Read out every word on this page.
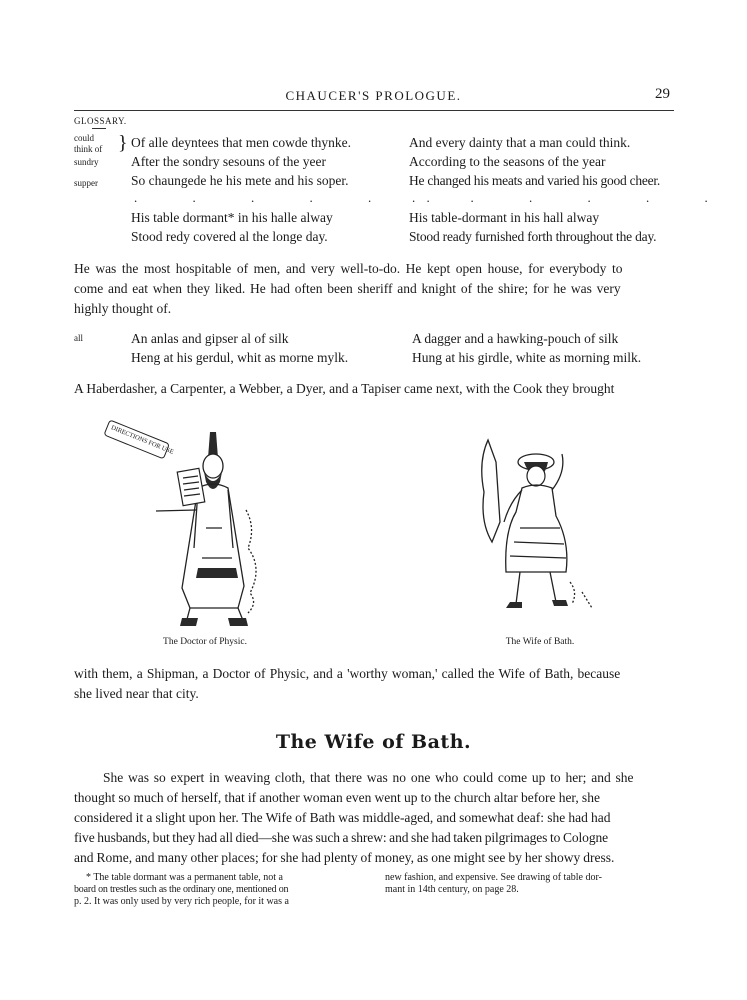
CHAUCER'S PROLOGUE.	29
GLOSSARY.
could
think of
sundry
supper
all
} Of alle deyntees that men cowde thynke.
After the sondry sesouns of the yeer
So chaungede he his mete and his soper.
And every dainty that a man could think.
According to the seasons of the year
He changed his meats and varied his good cheer.
. . . . . .
. . . . . .
His table dormant* in his halle alway
Stood redy covered al the longe day.
His table-dormant in his hall alway
Stood ready furnished forth throughout the day.
He was the most hospitable of men, and very well-to-do. He kept open house, for everybody to
come and eat when they liked. He had often been sheriff and knight of the shire; for he was very
highly thought of.
An anlas and gipser al of silk
Heng at his gerdul, whit as morne mylk.
A dagger and a hawking-pouch of silk
Hung at his girdle, white as morning milk.
A Haberdasher, a Carpenter, a Webber, a Dyer, and a Tapiser came next, with the Cook they brought
DIRECTIONS FOR USE
The Doctor of Physic.	The Wife of Bath.
with them, a Shipman, a Doctor of Physic, and a 'worthy woman,' called the Wife of Bath, because
she lived near that city.
The Wife of Bath.
She was so expert in weaving cloth, that there was no one who could come up to her; and she
thought so much of herself, that if another woman even went up to the church altar before her, she
considered it a slight upon her. The Wife of Bath was middle-aged, and somewhat deaf: she had had
five husbands, but they had all died—she was such a shrew: and she had taken pilgrimages to Cologne
and Rome, and many other places; for she had plenty of money, as one might see by her showy dress.
* The table dormant was a permanent table, not a
board on trestles such as the ordinary one, mentioned on
p. 2. It was only used by very rich people, for it was a
new fashion, and expensive. See drawing of table dor-
mant in 14th century, on page 28.
